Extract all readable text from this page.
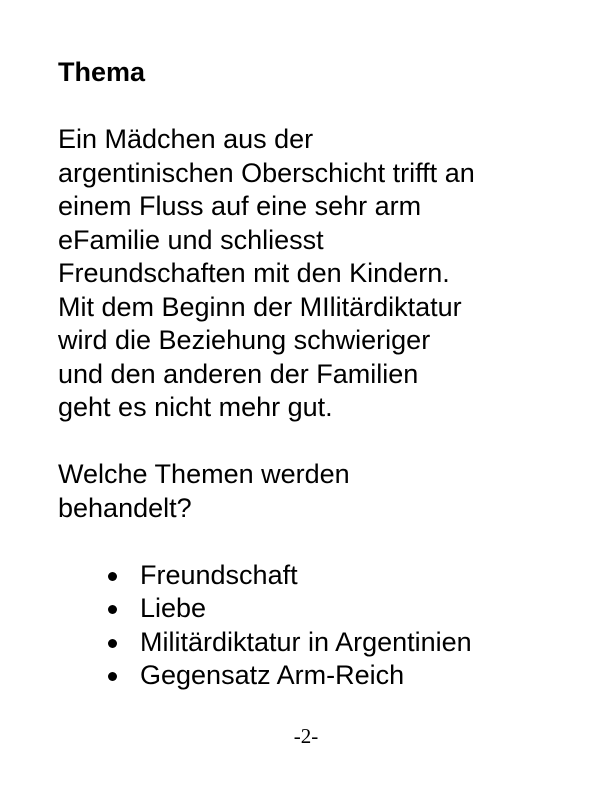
Thema

Ein Mädchen aus der
argentinischen Oberschicht trifft an
einem Fluss auf eine sehr arm
eFamilie und schliesst
Freundschaften mit den Kindern.
Mit dem Beginn der MIlitärdiktatur
wird die Beziehung schwieriger
und den anderen der Familien
geht es nicht mehr gut.

Welche Themen werden
behandelt?

Freundschaft
Liebe
Militärdiktatur in Argentinien
Gegensatz Arm-Reich
-2-
